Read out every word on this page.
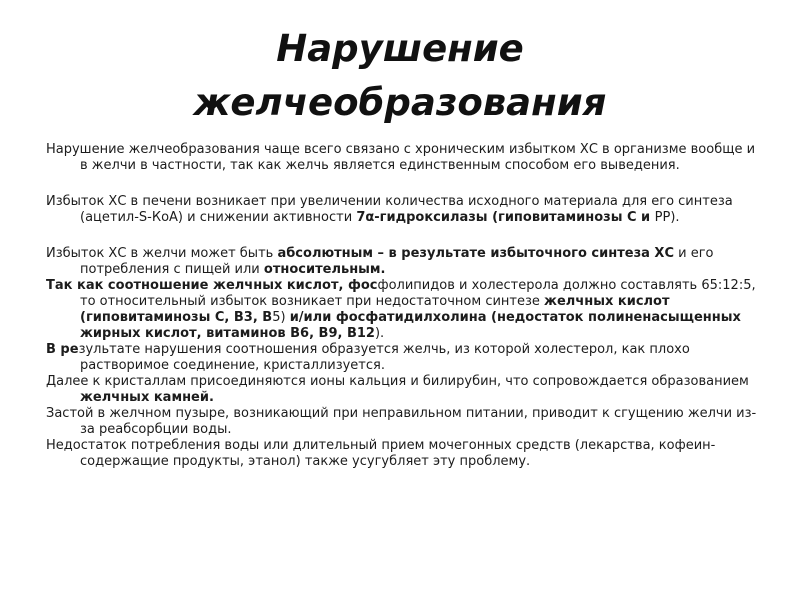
Нарушение
желчеобразования

Нарушение желчеобразования чаще всего связано с хроническим избытком ХС в организме вообще и в желчи в частности, так как желчь является единственным способом его выведения.

Избыток ХС в печени возникает при увеличении количества исходного материала для его синтеза (ацетил-S-КоА) и снижении активности 7α-гидроксилазы (гиповитаминозы С и РР).

Избыток ХС в желчи может быть абсолютным – в результате избыточного синтеза ХС и его потребления с пищей или относительным.

Так как соотношение желчных кислот, фосфолипидов и холестерола должно составлять 65:12:5, то относительный избыток возникает при недостаточном синтезе желчных кислот (гиповитаминозы С, В3, В5) и/или фосфатидилхолина (недостаток полиненасыщенных жирных кислот, витаминов В6, В9, В12).

В результате нарушения соотношения образуется желчь, из которой холестерол, как плохо растворимое соединение, кристаллизуется.

Далее к кристаллам присоединяются ионы кальция и билирубин, что сопровождается образованием желчных камней.

Застой в желчном пузыре, возникающий при неправильном питании, приводит к сгущению желчи из-за реабсорбции воды.

Недостаток потребления воды или длительный прием мочегонных средств (лекарства, кофеин-содержащие продукты, этанол) также усугубляет эту проблему.
